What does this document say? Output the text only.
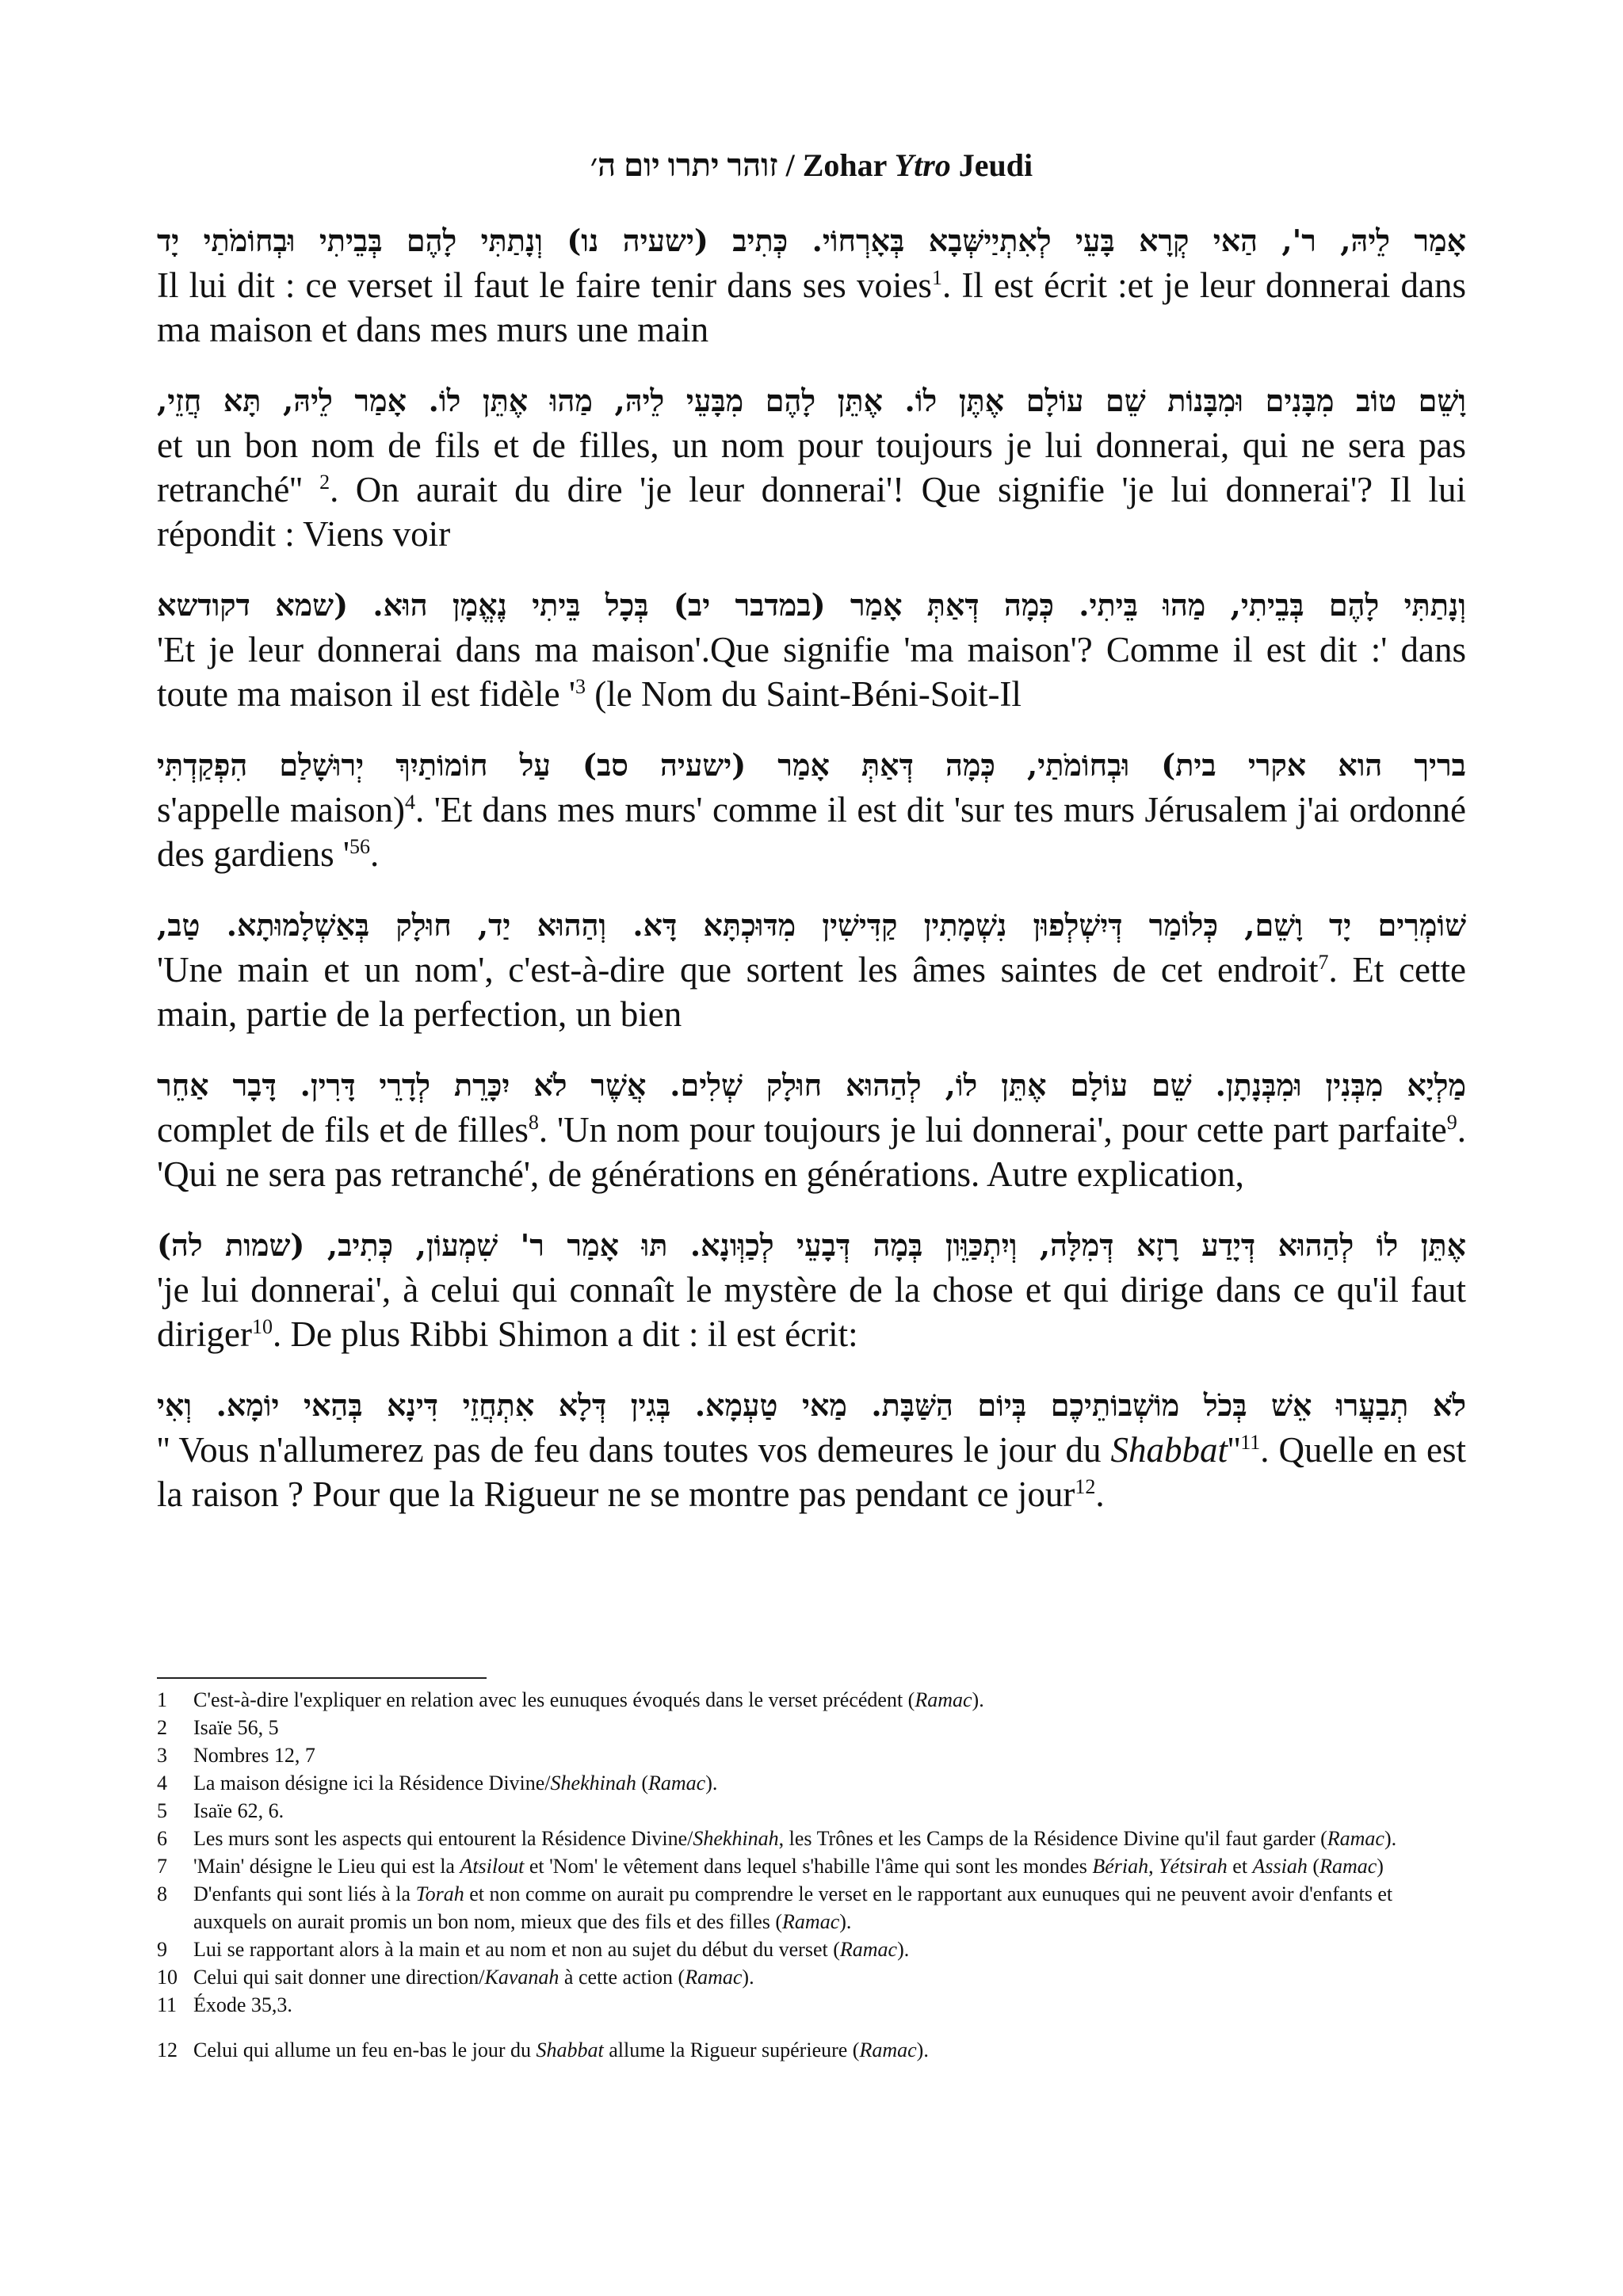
זוהר יתרו יום ה׳ / Zohar Ytro Jeudi
אָמַר לֵיהּ, ר', הַאי קְרָא בָּעֵי לְאִתְיַישְּׁבָא בְּאָרְחוֹי. כְּתִיב (ישעיה נו) וְנָתַתִּי לָהֶם בְּבֵיתִי וּבְחוֹמֹתַי יָד
Il lui dit : ce verset il faut le faire tenir dans ses voies$^1$. Il est écrit :et je leur donnerai dans ma maison et dans mes murs une main
וָשֵׁם טוֹב מִבָּנִים וּמִבָּנוֹת שֵׁם עוֹלָם אֶתֶּן לוֹ. אֶתֵּן לָהֶם מִבָּעֵי לֵיהּ, מַהוּ אֶתֵּן לוֹ. אָמַר לֵיהּ, תָּא חֲזֵי,
et un bon nom de fils et de filles, un nom pour toujours je lui donnerai, qui ne sera pas retranché'' $^2$. On aurait du dire 'je leur donnerai'! Que signifie 'je lui donnerai'? Il lui répondit : Viens voir
וְנָתַתִּי לָהֶם בְּבֵיתִי, מַהוּ בֵּיתִי. כְּמָה דְּאַתְּ אָמַר (במדבר יב) בְּכָל בֵּיתִי נֶאֱמָן הוּא. (שמא דקודשא
'Et je leur donnerai dans ma maison'.Que signifie 'ma maison'? Comme il est dit :' dans toute ma maison il est fidèle '$^3$ (le Nom du Saint-Béni-Soit-Il
בריך הוא אקרי בית) וּבְחוֹמֹתַי, כְּמָה דְּאַתְּ אָמַר (ישעיה סב) עַל חוֹמוֹתַיִךְ יְרוּשָׁלַם הִפְקַדְתִּי
s'appelle maison)$^4$. 'Et dans mes murs' comme il est dit 'sur tes murs Jérusalem j'ai ordonné des gardiens '$^{56}$.
שׁוֹמְרִים יָד וָשֵׁם, כְּלוֹמַר דְּיִשְׁלְפוּן נִשְׁמָתִין קַדִּישִׁין מִדּוּכְתָּא דָּא. וְהַהוּא יַד, חוּלָק בְּאַשְׁלָמוּתָא. טַב,
'Une main et un nom', c'est-à-dire que sortent les âmes saintes de cet endroit$^7$. Et cette main, partie de la perfection, un bien
מַלְיָא מִבְּנִין וּמִבְּנָתָן. שֵׁם עוֹלָם אֶתֵּן לוֹ, לְהַהוּא חוּלָק שְׁלִים. אֲשֶׁר לֹא יִכָּרֵת לְדָרֵי דָּרִין. דָּבָר אַחֵר
complet de fils et de filles$^8$. 'Un nom pour toujours je lui donnerai', pour cette part parfaite$^9$. 'Qui ne sera pas retranché', de générations en générations. Autre explication,
אֶתֵּן לוֹ לְהַהוּא דְּיָדַע רָזָא דְּמִלָּה, וְיִתְכַּוֵּון בְּמָה דְּבָעֵי לְכַוְּונָא. תּוּ אָמַר ר' שִׁמְעוֹן, כְּתִיב, (שמות לה)
'je lui donnerai', à celui qui connaît le mystère de la chose et qui dirige dans ce qu'il faut diriger$^{10}$. De plus Ribbi Shimon a dit : il est écrit:
לֹא תְבַעֲרוּ אֵשׁ בְּכֹל מוֹשְׁבוֹתֵיכֶם בְּיוֹם הַשַּׁבָּת. מַאי טַעְמָא. בְּגִין דְּלָא אִתְחֲזֵי דִּינָא בְּהַאי יוֹמָא. וְאִי
'' Vous n'allumerez pas de feu dans toutes vos demeures le jour du $Shabbat''^{11}$. Quelle en est la raison ? Pour que la Rigueur ne se montre pas pendant ce jour$^{12}$.
1	C'est-à-dire l'expliquer en relation avec les eunuques évoqués dans le verset précédent (Ramac).
2	Isaïe 56, 5
3	Nombres 12, 7
4	La maison désigne ici la Résidence Divine/Shekhinah (Ramac).
5	Isaïe 62, 6.
6	Les murs sont les aspects qui entourent la Résidence Divine/Shekhinah, les Trônes et les Camps de la Résidence Divine qu'il faut garder (Ramac).
7	'Main' désigne le Lieu qui est la Atsilout et 'Nom' le vêtement dans lequel s'habille l'âme qui sont les mondes Bériah, Yétsirah et Assiah (Ramac)
8	D'enfants qui sont liés à la Torah et non comme on aurait pu comprendre le verset en le rapportant aux eunuques qui ne peuvent avoir d'enfants et auxquels on aurait promis un bon nom, mieux que des fils et des filles (Ramac).
9	Lui se rapportant alors à la main et au nom et non au sujet du début du verset (Ramac).
10 Celui qui sait donner une direction/Kavanah à cette action (Ramac).
11 Éxode 35,3.
12 Celui qui allume un feu en-bas le jour du Shabbat allume la Rigueur supérieure (Ramac).
